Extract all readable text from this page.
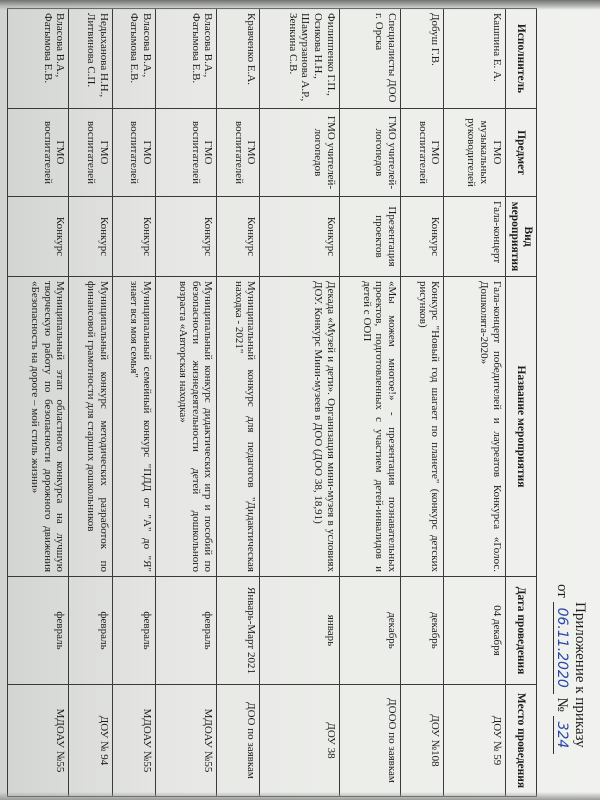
Приложение к приказу
от 06.11.2020 № 324
Исполнитель	Предмет	Вид мероприятия	Название мероприятия	Дата проведения	Место проведения
Кашпина Е. А.	ГМО музыкальных руководителей	Гала-концерт	Гала-концерт победителей и лауреатов Конкурса «Голос. Дошколята-2020»	04 декабря	ДОУ № 59
Добуш Г.В.	ГМО воспитателей	Конкурс	Конкурс "Новый год шагает по планете" (конкурс детских рисунков)	декабрь	ДОУ №108
Специалисты ДОО г. Орска	ГМО учителей-логопедов	Презентация проектов	«Мы можем многое!» - презентация познавательных проектов, подготовленных с участием детей-инвалидов и детей с ООП	декабрь	ДООО по заявкам
Филиппенко Г.П., Осикова Н.Н., Шамурзанова А.Р., Зенкина С.В.	ГМО учителей-логопедов	Конкурс	Декада «Музей и дети». Организация мини-музея в условиях ДОУ. Конкурс Мини-музеев в ДОО (ДОО 38, 18,91)	январь	ДОУ 38
Кравченко Е.А.	ГМО воспитателей	Конкурс	Муниципальный конкурс для педагогов "Дидактическая находка - 2021"	Январь-Март 2021	ДОО по заявкам
Власова В.А., Фатымова Е.В.	ГМО воспитателей	Конкурс	Муниципальный конкурс дидактических игр и пособий по безопасности жизнедеятельности детей дошкольного возраста «Авторская находка»	февраль	МДОАУ №55
Власова В.А., Фатымова Е.В.	ГМО воспитателей	Конкурс	Муниципальный семейный конкурс "ПДД от "А" до "Я" знает вся моя семья"	февраль	МДОАУ №55
Недыханова Н.Н., Литвинова С.П.	ГМО воспитателей	Конкурс	Муниципальный конкурс методических разработок по финансовой грамотности для старших дошкольников	февраль	ДОУ № 94
Власова В.А., Фатымова Е.В.	ГМО воспитателей	Конкурс	Муниципальный этап областного конкурса на лучшую творческую работу по безопасности дорожного движения «Безопасность на дороге – мой стиль жизни»	февраль	МДОАУ №55
